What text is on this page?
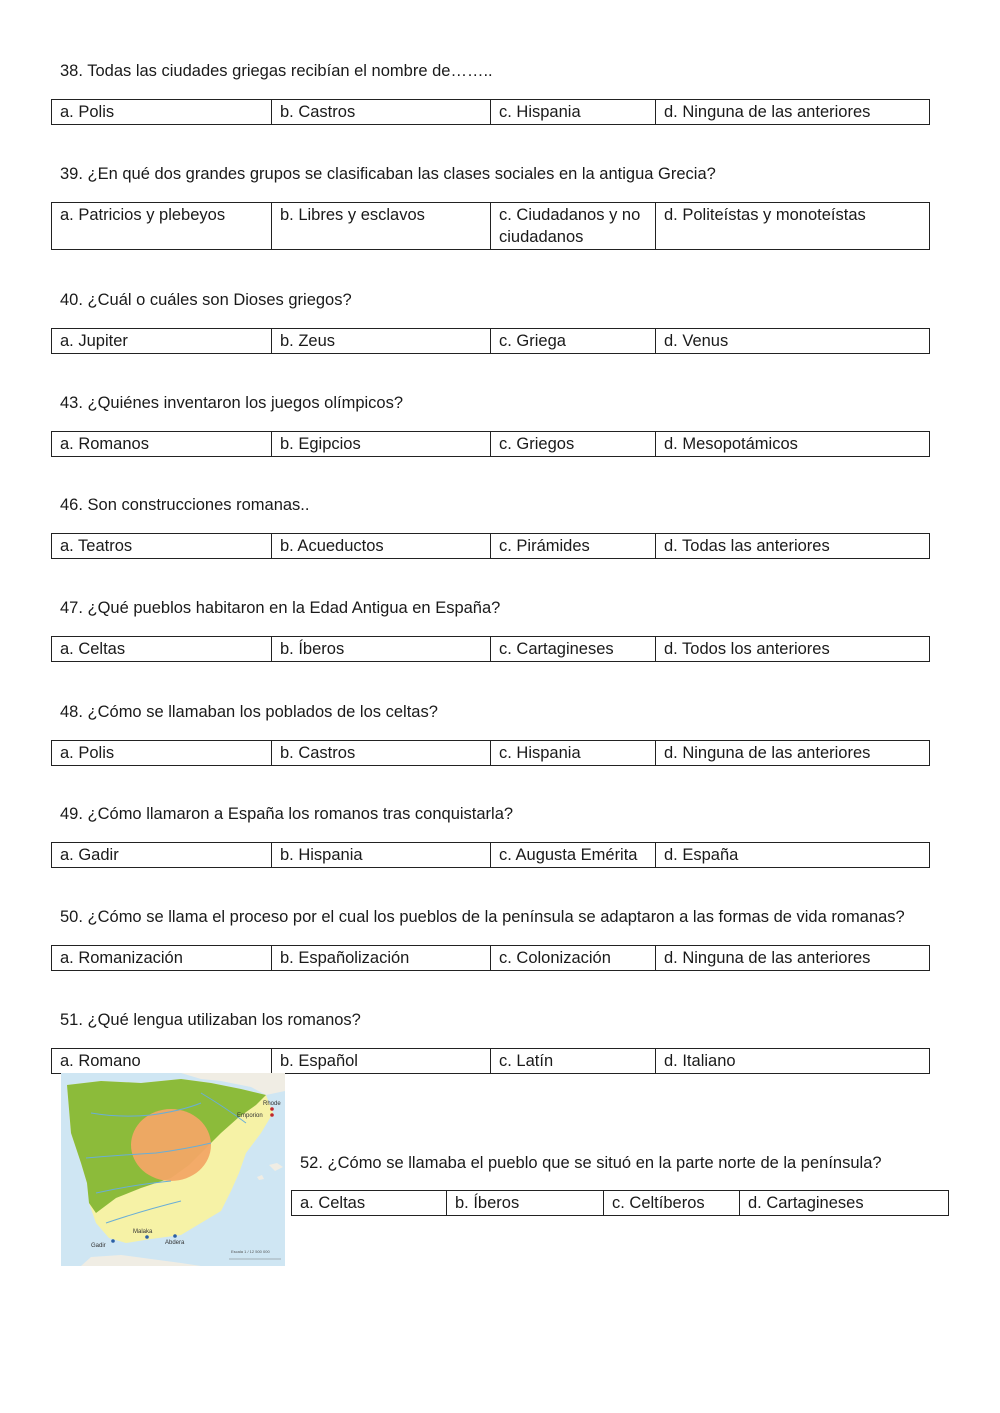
38. Todas las ciudades griegas recibían el nombre de……..
a. Polis	b. Castros	c. Hispania	d. Ninguna de las anteriores
39. ¿En qué dos grandes grupos se clasificaban las clases sociales en la antigua Grecia?
a. Patricios y plebeyos	b. Libres y esclavos	c. Ciudadanos y no ciudadanos	d. Politeístas y monoteístas
40. ¿Cuál o cuáles son Dioses griegos?
a. Jupiter	b. Zeus	c. Griega	d. Venus
43. ¿Quiénes inventaron los juegos olímpicos?
a. Romanos	b. Egipcios	c. Griegos	d. Mesopotámicos
46. Son construcciones romanas..
a. Teatros	b. Acueductos	c. Pirámides	d. Todas las anteriores
47. ¿Qué pueblos habitaron en la Edad Antigua en España?
a. Celtas	b. Íberos	c. Cartagineses	d. Todos los anteriores
48. ¿Cómo se llamaban los poblados de los celtas?
a. Polis	b. Castros	c. Hispania	d. Ninguna de las anteriores
49. ¿Cómo llamaron a España los romanos tras conquistarla?
a. Gadir	b. Hispania	c. Augusta Emérita	d. España
50. ¿Cómo se llama el proceso por el cual los pueblos de la península se adaptaron a las formas de vida romanas?
a. Romanización	b. Españolización	c. Colonización	d. Ninguna de las anteriores
51. ¿Qué lengua utilizaban los romanos?
a. Romano	b. Español	c. Latín	d. Italiano
Rhode
Emporion
Malaka
Abdera
Gadir
Escala 1 / 12 500 000
52. ¿Cómo se llamaba el pueblo que se situó en la parte norte de la península?
a. Celtas	b. Íberos	c. Celtíberos	d. Cartagineses
